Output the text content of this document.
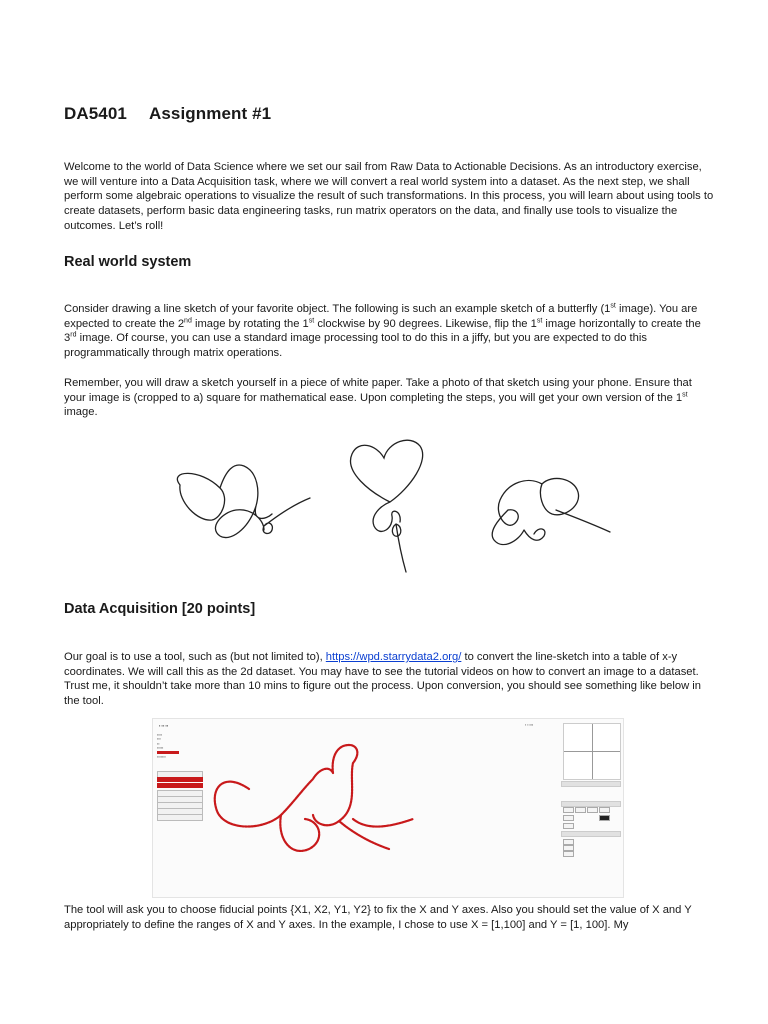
DA5401 Assignment #1

Welcome to the world of Data Science where we set our sail from Raw Data to Actionable Decisions. As an introductory exercise, we will venture into a Data Acquisition task, where we will convert a real world system into a dataset. As the next step, we shall perform some algebraic operations to visualize the result of such transformations. In this process, you will learn about using tools to create datasets, perform basic data engineering tasks, run matrix operators on the data, and finally use tools to visualize the outcomes. Let’s roll!

Real world system

Consider drawing a line sketch of your favorite object. The following is such an example sketch of a butterfly (1st image). You are expected to create the 2nd image by rotating the 1st clockwise by 90 degrees. Likewise, flip the 1st image horizontally to create the 3rd image. Of course, you can use a standard image processing tool to do this in a jiffy, but you are expected to do this programmatically through matrix operations.

Remember, you will draw a sketch yourself in a piece of white paper. Take a photo of that sketch using your phone. Ensure that your image is (cropped to a) square for mathematical ease. Upon completing the steps, you will get your own version of the 1st image.

Data Acquisition [20 points]

Our goal is to use a tool, such as (but not limited to), https://wpd.starrydata2.org/ to convert the line-sketch into a table of x-y coordinates. We will call this as the 2d dataset. You may have to see the tutorial videos on how to convert an image to a dataset. Trust me, it shouldn’t take more than 10 mins to figure out the process. Upon conversion, you should see something like below in the tool.

▪ ▪▪ ▪▪
▪▪▪▪
▪▪▪
▪▪
▪▪▪▪▪
▪▪▪▪▪▪▪
▪ ▪ ▪▪▪

The tool will ask you to choose fiducial points {X1, X2, Y1, Y2} to fix the X and Y axes. Also you should set the value of X and Y appropriately to define the ranges of X and Y axes. In the example, I chose to use X = [1,100] and Y = [1, 100]. My
